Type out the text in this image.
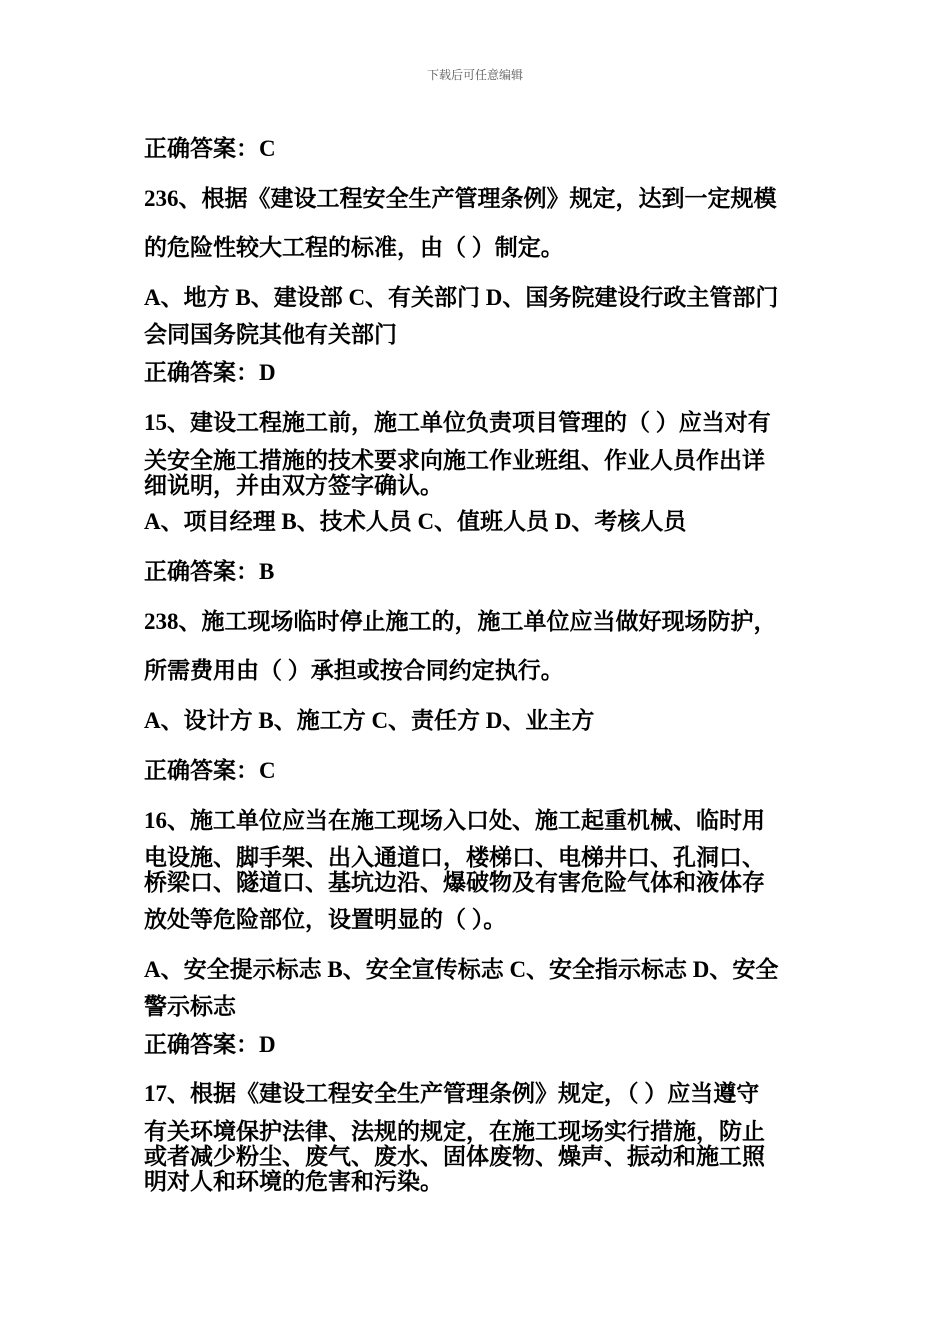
下载后可任意编辑
正确答案：C
236、根据《建设工程安全生产管理条例》规定，达到一定规模
的危险性较大工程的标准，由（ ）制定。
A、地方 B、建设部 C、有关部门 D、国务院建设行政主管部门
会同国务院其他有关部门
正确答案：D
15、建设工程施工前，施工单位负责项目管理的（ ）应当对有
关安全施工措施的技术要求向施工作业班组、作业人员作出详
细说明，并由双方签字确认。
A、项目经理 B、技术人员 C、值班人员 D、考核人员
正确答案：B
238、施工现场临时停止施工的，施工单位应当做好现场防护，
所需费用由（ ）承担或按合同约定执行。
A、设计方 B、施工方 C、责任方 D、业主方
正确答案：C
16、施工单位应当在施工现场入口处、施工起重机械、临时用
电设施、脚手架、出入通道口，楼梯口、电梯井口、孔洞口、
桥梁口、隧道口、基坑边沿、爆破物及有害危险气体和液体存
放处等危险部位，设置明显的（ ）。
A、安全提示标志 B、安全宣传标志 C、安全指示标志 D、安全
警示标志
正确答案：D
17、根据《建设工程安全生产管理条例》规定，（ ）应当遵守
有关环境保护法律、法规的规定，在施工现场实行措施，防止
或者减少粉尘、废气、废水、固体废物、燥声、振动和施工照
明对人和环境的危害和污染。
